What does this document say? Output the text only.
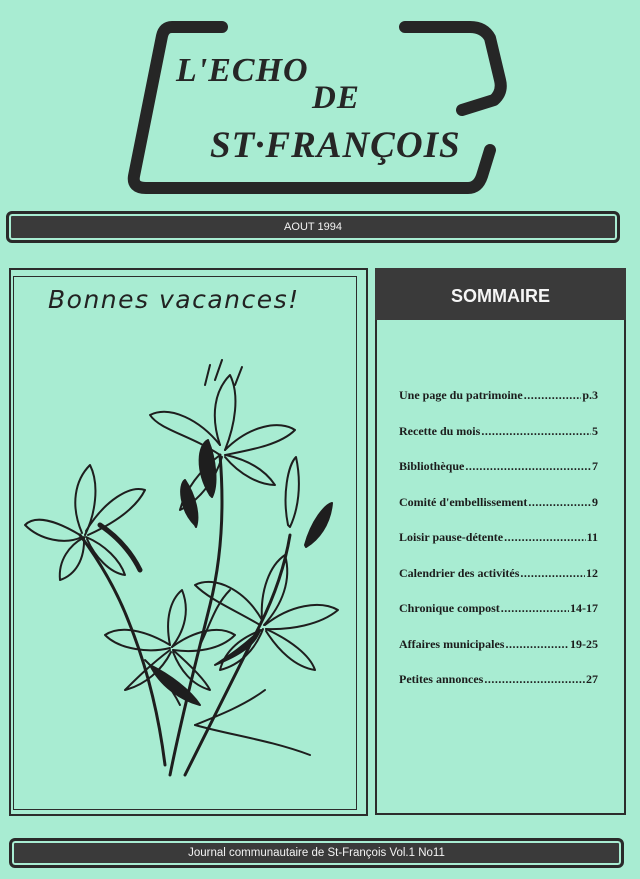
L'ECHO
DE
ST·FRANÇOIS
AOUT 1994
Bonnes vacances!	SOMMAIRE
Une page du patrimoine .....	p.3
Recette du mois .....	5
Bibliothèque .....	7
Comité d'embellissement .....	9
Loisir pause-détente .....	11
Calendrier des activités .....	12
Chronique compost .....	14-17
Affaires municipales .....	19-25
Petites annonces .....	27
Journal communautaire de St-François Vol.1 No11
